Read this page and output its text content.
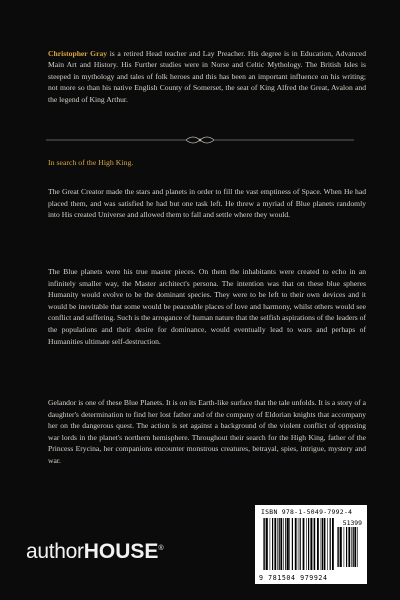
Christopher Gray is a retired Head teacher and Lay Preacher. His degree is in Education, Advanced Main Art and History. His Further studies were in Norse and Celtic Mythology. The British Isles is steeped in mythology and tales of folk heroes and this has been an important influence on his writing; not more so than his native English County of Somerset, the seat of King Alfred the Great, Avalon and the legend of King Arthur.

In search of the High King.

The Great Creator made the stars and planets in order to fill the vast emptiness of Space. When He had placed them, and was satisfied he had but one task left. He threw a myriad of Blue planets randomly into His created Universe and allowed them to fall and settle where they would.

The Blue planets were his true master pieces. On them the inhabitants were created to echo in an infinitely smaller way, the Master architect's persona. The intention was that on these blue spheres Humanity would evolve to be the dominant species. They were to be left to their own devices and it would be inevitable that some would be peaceable places of love and harmony, whilst others would see conflict and suffering. Such is the arrogance of human nature that the selfish aspirations of the leaders of the populations and their desire for dominance, would eventually lead to wars and perhaps of Humanities ultimate self-destruction.

Gelandor is one of these Blue Planets. It is on its Earth-like surface that the tale unfolds. It is a story of a daughter's determination to find her lost father and of the company of Eldorian knights that accompany her on the dangerous quest. The action is set against a background of the violent conflict of opposing war lords in the planet's northern hemisphere. Throughout their search for the High King, father of the Princess Erycina, her companions encounter monstrous creatures, betrayal, spies, intrigue, mystery and war.

authorHOUSE®
ISBN 978-1-5049-7992-4
51399
9 781504 979924
